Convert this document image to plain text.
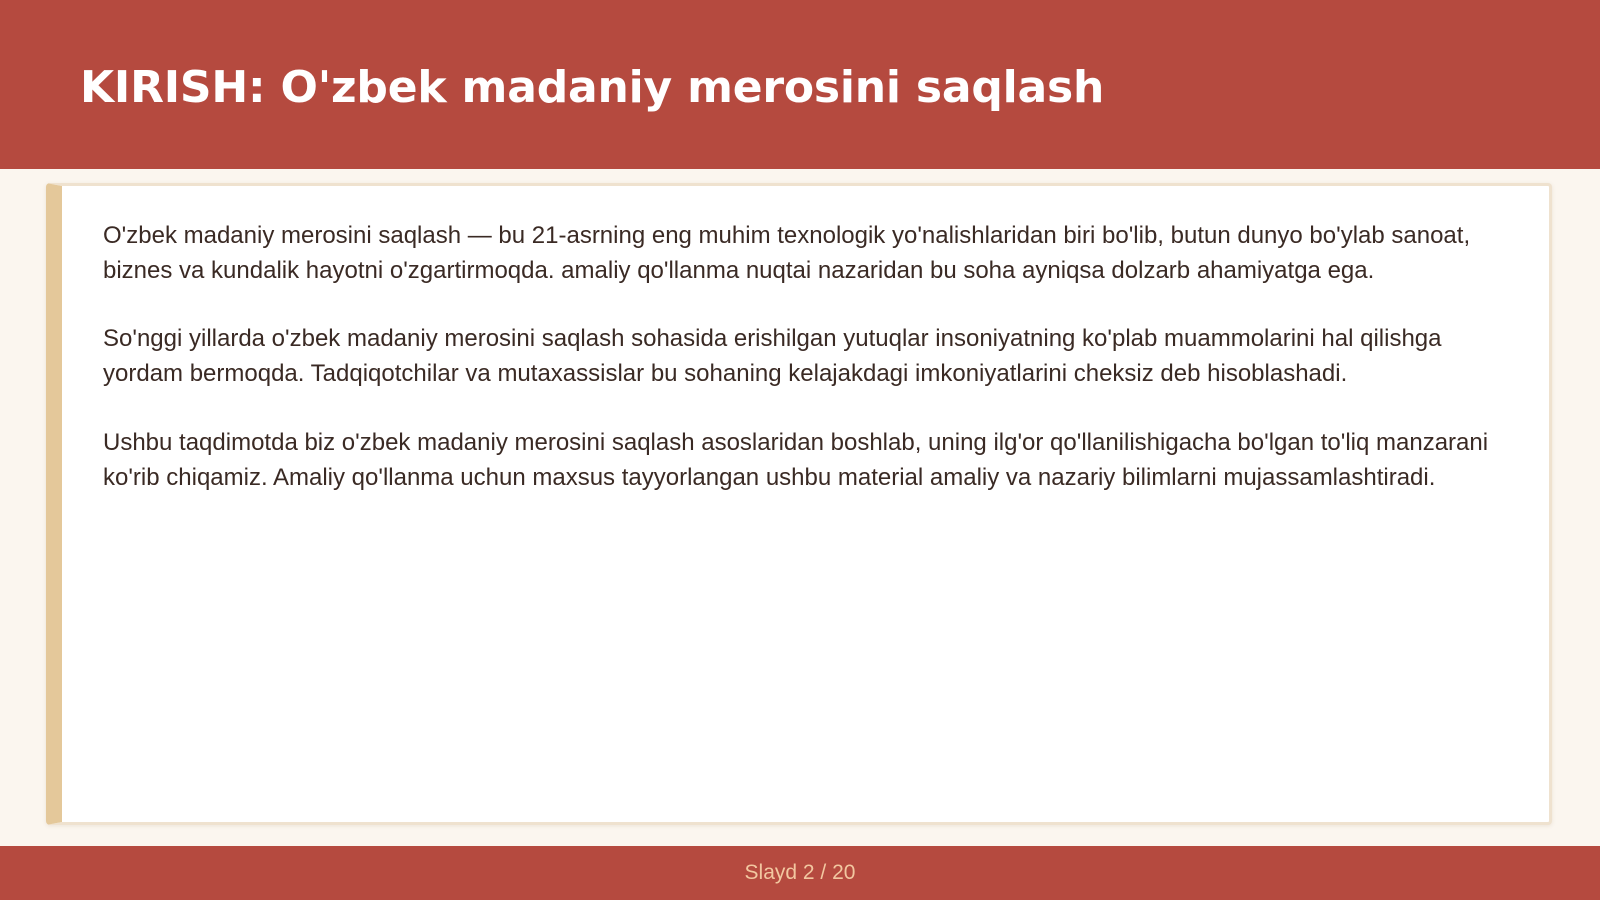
KIRISH: O'zbek madaniy merosini saqlash

O'zbek madaniy merosini saqlash — bu 21-asrning eng muhim texnologik yo'nalishlaridan biri bo'lib, butun dunyo bo'ylab sanoat, biznes va kundalik hayotni o'zgartirmoqda. amaliy qo'llanma nuqtai nazaridan bu soha ayniqsa dolzarb ahamiyatga ega.

So'nggi yillarda o'zbek madaniy merosini saqlash sohasida erishilgan yutuqlar insoniyatning ko'plab muammolarini hal qilishga yordam bermoqda. Tadqiqotchilar va mutaxassislar bu sohaning kelajakdagi imkoniyatlarini cheksiz deb hisoblashadi.

Ushbu taqdimotda biz o'zbek madaniy merosini saqlash asoslaridan boshlab, uning ilg'or qo'llanilishigacha bo'lgan to'liq manzarani ko'rib chiqamiz. Amaliy qo'llanma uchun maxsus tayyorlangan ushbu material amaliy va nazariy bilimlarni mujassamlashtiradi.

Slayd 2 / 20
